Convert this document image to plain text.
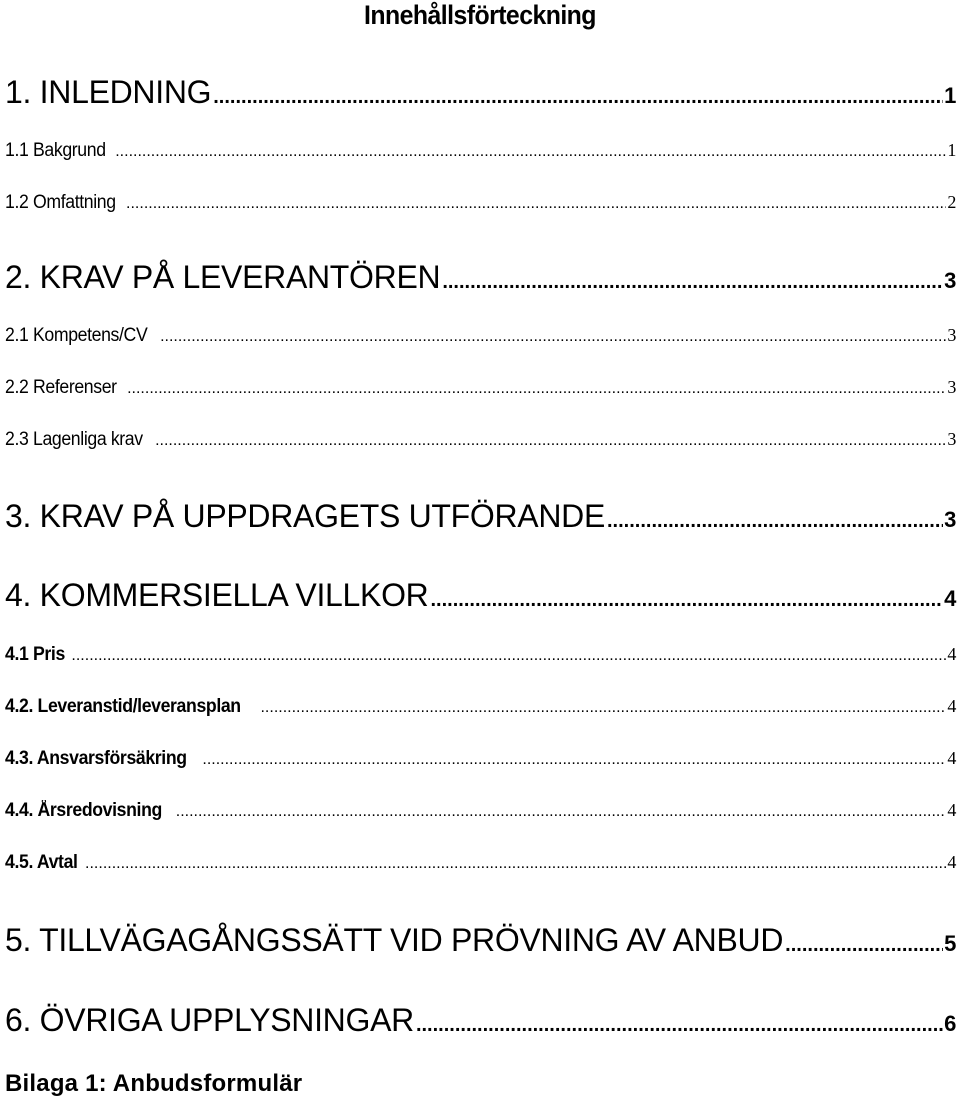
Innehållsförteckning
1. INLEDNING .....	1
1.1 Bakgrund .....	1
1.2 Omfattning .....	2
2. KRAV PÅ LEVERANTÖREN .....	3
2.1 Kompetens/CV .....	3
2.2 Referenser .....	3
2.3 Lagenliga krav .....	3
3. KRAV PÅ UPPDRAGETS UTFÖRANDE .....	3
4. KOMMERSIELLA VILLKOR .....	4
4.1 Pris .....	4
4.2. Leveranstid/leveransplan .....	4
4.3. Ansvarsförsäkring .....	4
4.4. Årsredovisning .....	4
4.5. Avtal .....	4
5. TILLVÄGAGÅNGSSÄTT VID PRÖVNING AV ANBUD .....	5
6. ÖVRIGA UPPLYSNINGAR .....	6
Bilaga 1: Anbudsformulär
